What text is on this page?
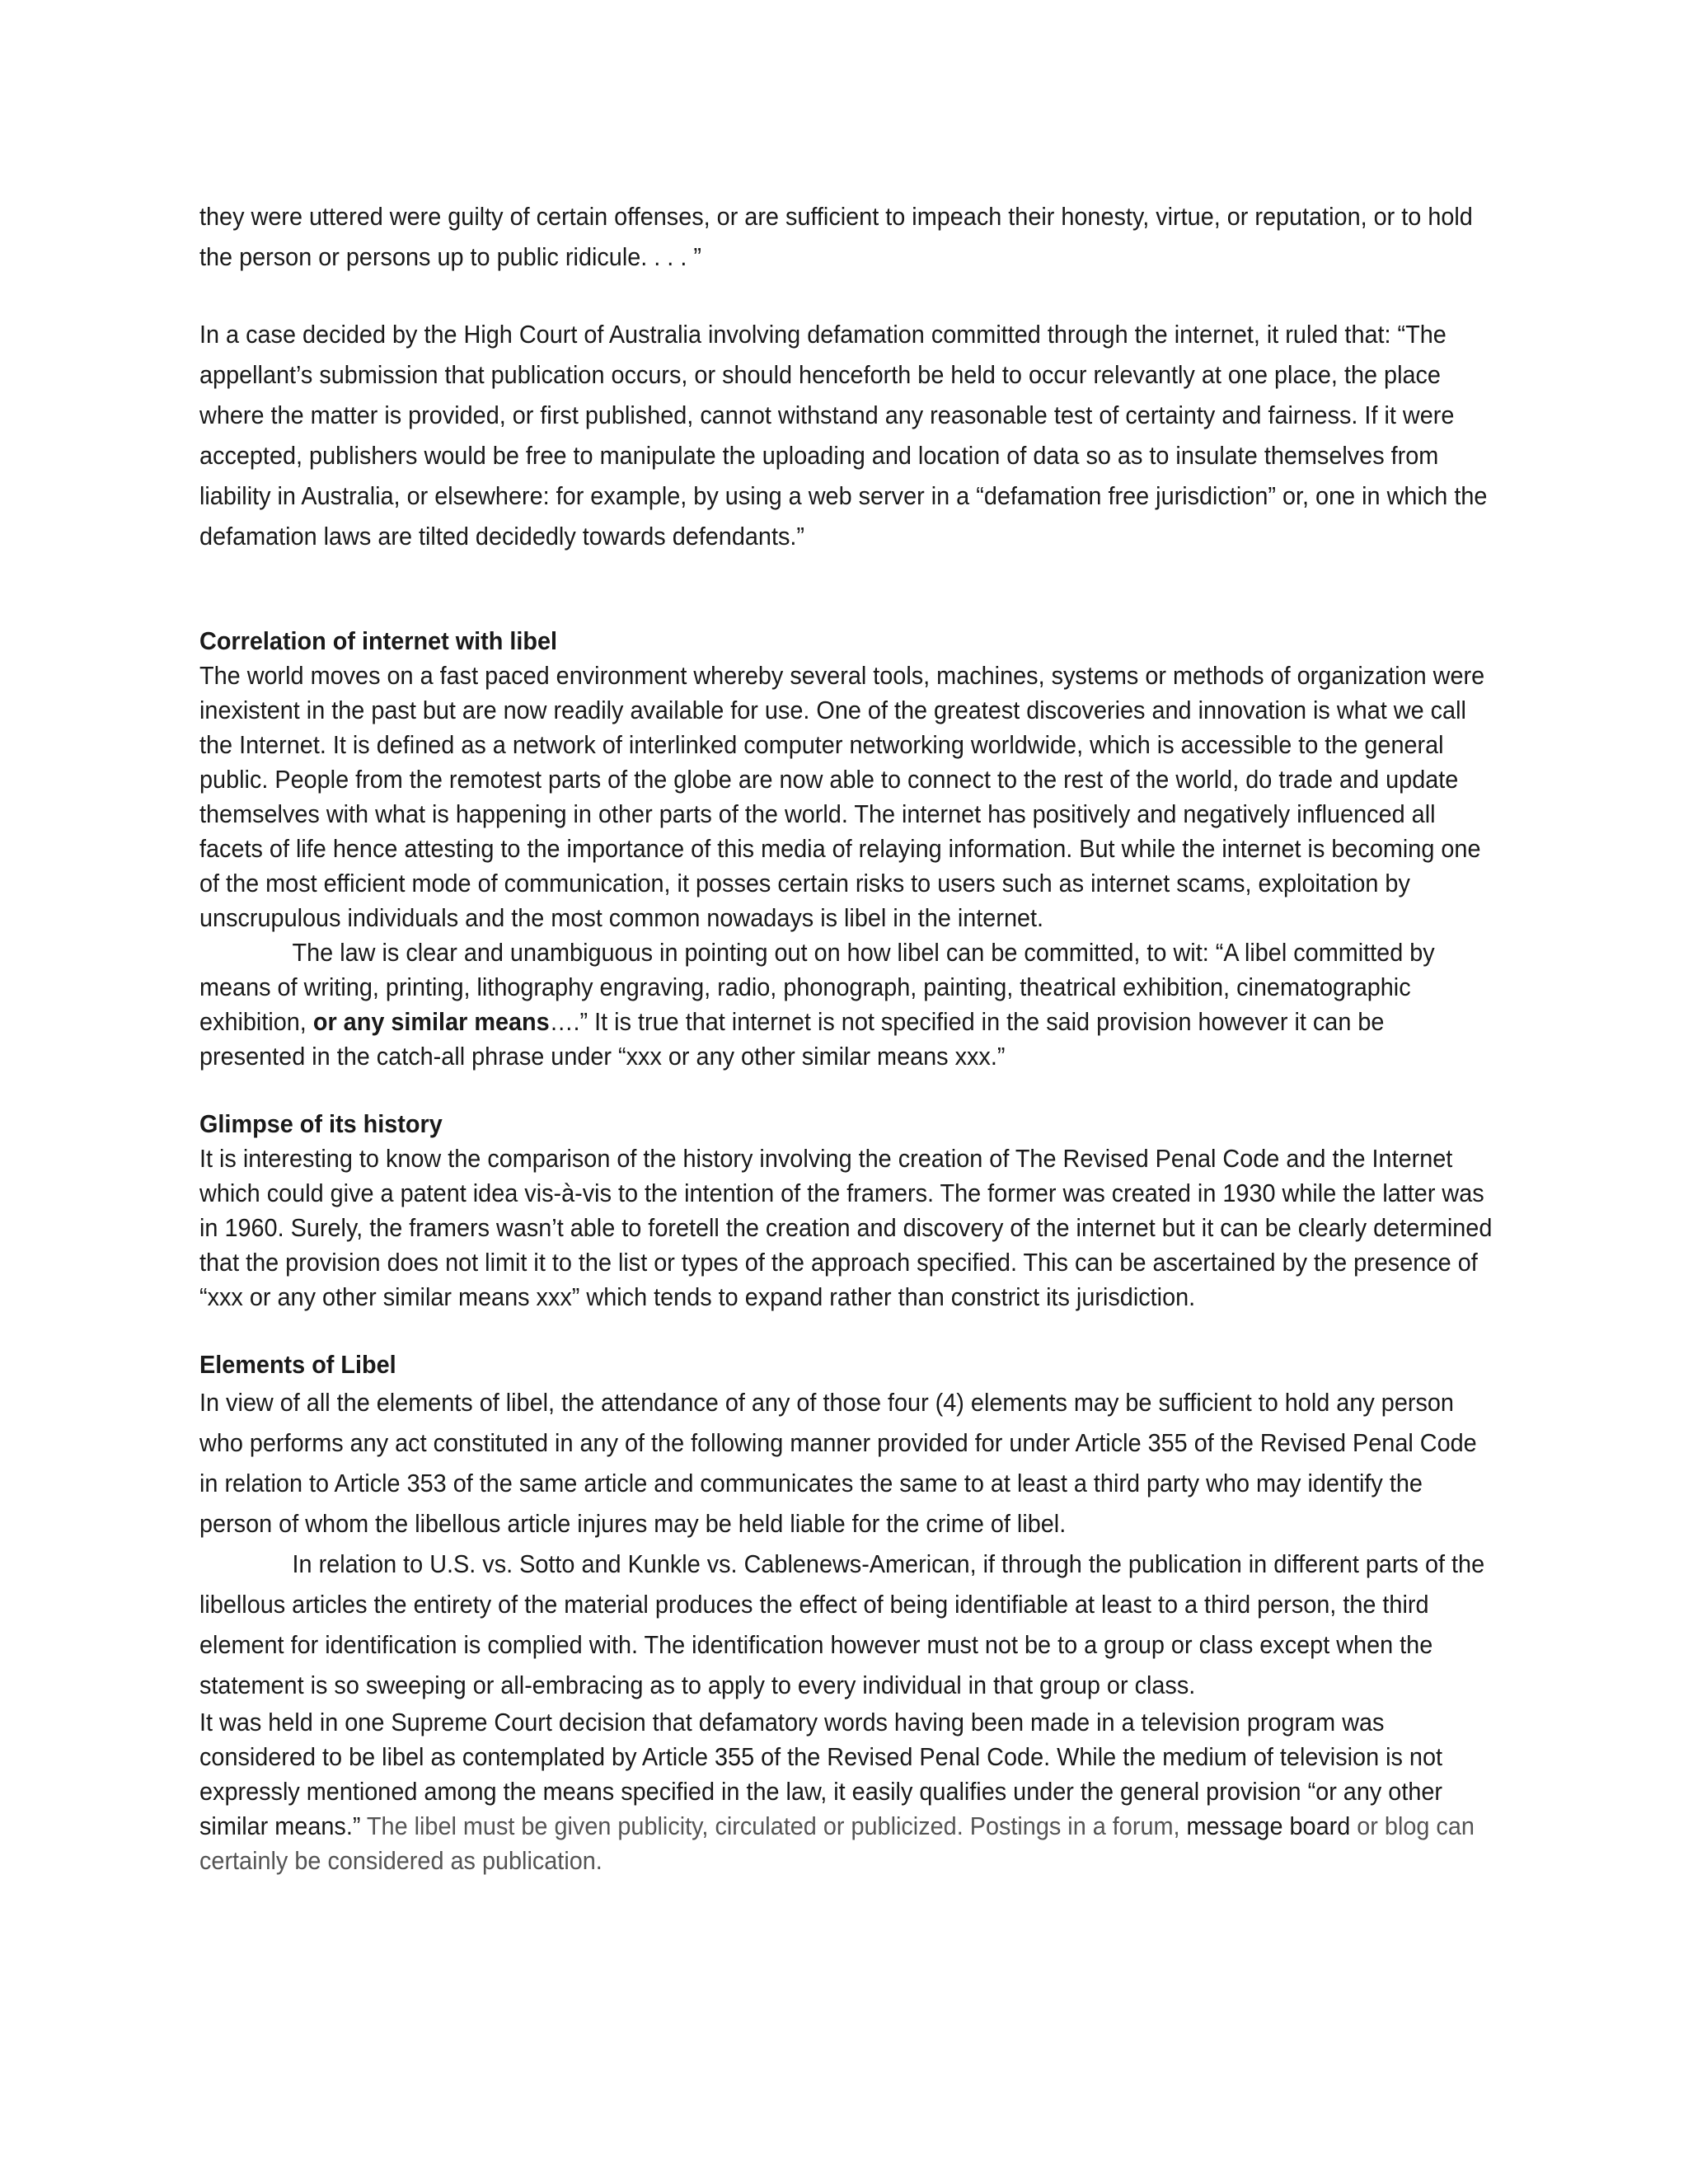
they were uttered were guilty of certain offenses, or are sufficient to impeach their honesty, virtue, or reputation, or to hold the person or persons up to public ridicule. . . . ”

In a case decided by the High Court of Australia involving defamation committed through the internet, it ruled that: “The appellant’s submission that publication occurs, or should henceforth be held to occur relevantly at one place, the place where the matter is provided, or first published, cannot withstand any reasonable test of certainty and fairness. If it were accepted, publishers would be free to manipulate the uploading and location of data so as to insulate themselves from liability in Australia, or elsewhere: for example, by using a web server in a “defamation free jurisdiction” or, one in which the defamation laws are tilted decidedly towards defendants.”

Correlation of internet with libel

The world moves on a fast paced environment whereby several tools, machines, systems or methods of organization were inexistent in the past but are now readily available for use. One of the greatest discoveries and innovation is what we call the Internet. It is defined as a network of interlinked computer networking worldwide, which is accessible to the general public. People from the remotest parts of the globe are now able to connect to the rest of the world, do trade and update themselves with what is happening in other parts of the world. The internet has positively and negatively influenced all facets of life hence attesting to the importance of this media of relaying information. But while the internet is becoming one of the most efficient mode of communication, it posses certain risks to users such as internet scams, exploitation by unscrupulous individuals and the most common nowadays is libel in the internet.

The law is clear and unambiguous in pointing out on how libel can be committed, to wit: “A libel committed by means of writing, printing, lithography engraving, radio, phonograph, painting, theatrical exhibition, cinematographic exhibition, or any similar means….” It is true that internet is not specified in the said provision however it can be presented in the catch-all phrase under “xxx or any other similar means xxx.”

Glimpse of its history

It is interesting to know the comparison of the history involving the creation of The Revised Penal Code and the Internet which could give a patent idea vis-à-vis to the intention of the framers. The former was created in 1930 while the latter was in 1960. Surely, the framers wasn’t able to foretell the creation and discovery of the internet but it can be clearly determined that the provision does not limit it to the list or types of the approach specified. This can be ascertained by the presence of “xxx or any other similar means xxx” which tends to expand rather than constrict its jurisdiction.

Elements of Libel

In view of all the elements of libel, the attendance of any of those four (4) elements may be sufficient to hold any person who performs any act constituted in any of the following manner provided for under Article 355 of the Revised Penal Code in relation to Article 353 of the same article and communicates the same to at least a third party who may identify the person of whom the libellous article injures may be held liable for the crime of libel.

In relation to U.S. vs. Sotto and Kunkle vs. Cablenews-American, if through the publication in different parts of the libellous articles the entirety of the material produces the effect of being identifiable at least to a third person, the third element for identification is complied with. The identification however must not be to a group or class except when the statement is so sweeping or all-embracing as to apply to every individual in that group or class.

It was held in one Supreme Court decision that defamatory words having been made in a television program was considered to be libel as contemplated by Article 355 of the Revised Penal Code. While the medium of television is not expressly mentioned among the means specified in the law, it easily qualifies under the general provision “or any other similar means.” The libel must be given publicity, circulated or publicized. Postings in a forum, message board or blog can certainly be considered as publication.
